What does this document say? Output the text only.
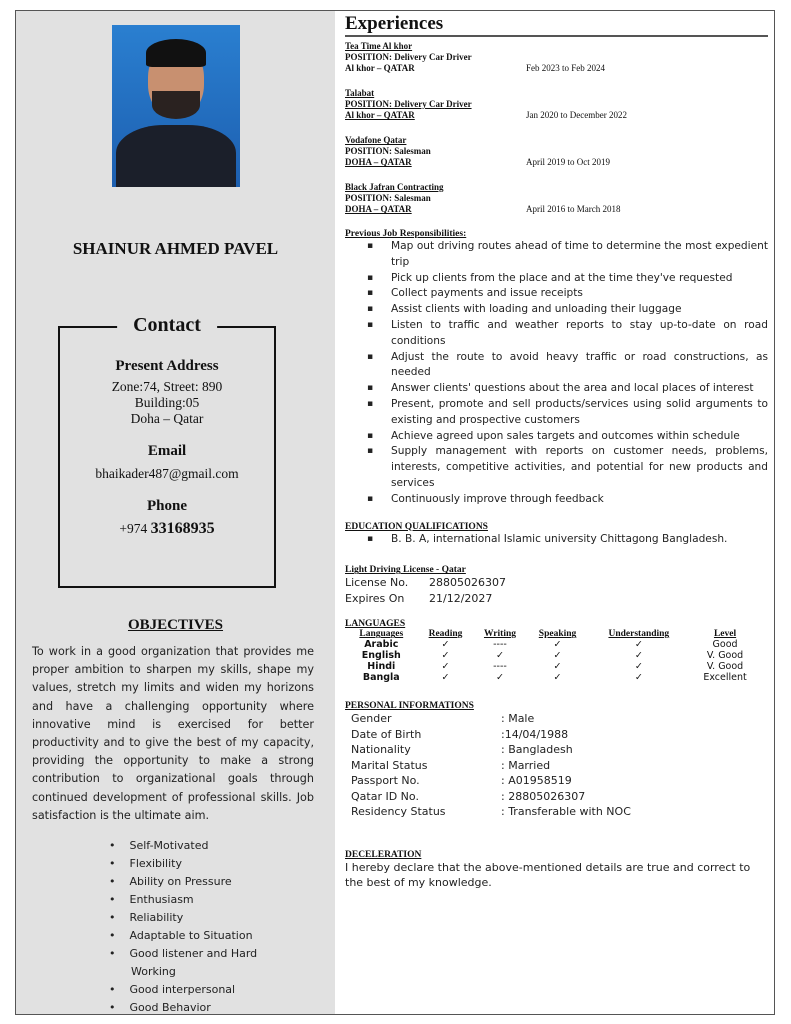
SHAINUR AHMED PAVEL
Contact
Present Address
Zone:74, Street: 890
Building:05
Doha – Qatar
Email
bhaikader487@gmail.com
Phone
+974 33168935
OBJECTIVES
To work in a good organization that provides me proper ambition to sharpen my skills, shape my values, stretch my limits and widen my horizons and have a challenging opportunity where innovative mind is exercised for better productivity and to give the best of my capacity, providing the opportunity to make a strong contribution to organizational goals through continued development of professional skills. Job satisfaction is the ultimate aim.
• Self-Motivated
• Flexibility
• Ability on Pressure
• Enthusiasm
• Reliability
• Adaptable to Situation
• Good listener and Hard Working
• Good interpersonal
• Good Behavior
Experiences
Tea Time Al khor
POSITION: Delivery Car Driver
Al khor – QATAR	Feb 2023 to Feb 2024
Talabat
POSITION: Delivery Car Driver
Al khor – QATAR	Jan 2020 to December 2022
Vodafone Qatar
POSITION: Salesman
DOHA – QATAR	April 2019 to Oct 2019
Black Jafran Contracting
POSITION: Salesman
DOHA – QATAR	April 2016 to March 2018
Previous Job Responsibilities:
▪ Map out driving routes ahead of time to determine the most expedient trip
▪ Pick up clients from the place and at the time they've requested
▪ Collect payments and issue receipts
▪ Assist clients with loading and unloading their luggage
▪ Listen to traffic and weather reports to stay up-to-date on road conditions
▪ Adjust the route to avoid heavy traffic or road constructions, as needed
▪ Answer clients' questions about the area and local places of interest
▪ Present, promote and sell products/services using solid arguments to existing and prospective customers
▪ Achieve agreed upon sales targets and outcomes within schedule
▪ Supply management with reports on customer needs, problems, interests, competitive activities, and potential for new products and services
▪ Continuously improve through feedback
EDUCATION QUALIFICATIONS
▪ B. B. A, international Islamic university Chittagong Bangladesh.
Light Driving License - Qatar
License No. 28805026307
Expires On 21/12/2027
LANGUAGES
Languages	Reading	Writing	Speaking	Understanding	Level
Arabic	✓	----	✓	✓	Good
English	✓	✓	✓	✓	V. Good
Hindi	✓	----	✓	✓	V. Good
Bangla	✓	✓	✓	✓	Excellent
PERSONAL INFORMATIONS
Gender	: Male
Date of Birth	:14/04/1988
Nationality	: Bangladesh
Marital Status	: Married
Passport No.	: A01958519
Qatar ID No.	: 28805026307
Residency Status	: Transferable with NOC
DECELERATION
I hereby declare that the above-mentioned details are true and correct to the best of my knowledge.
